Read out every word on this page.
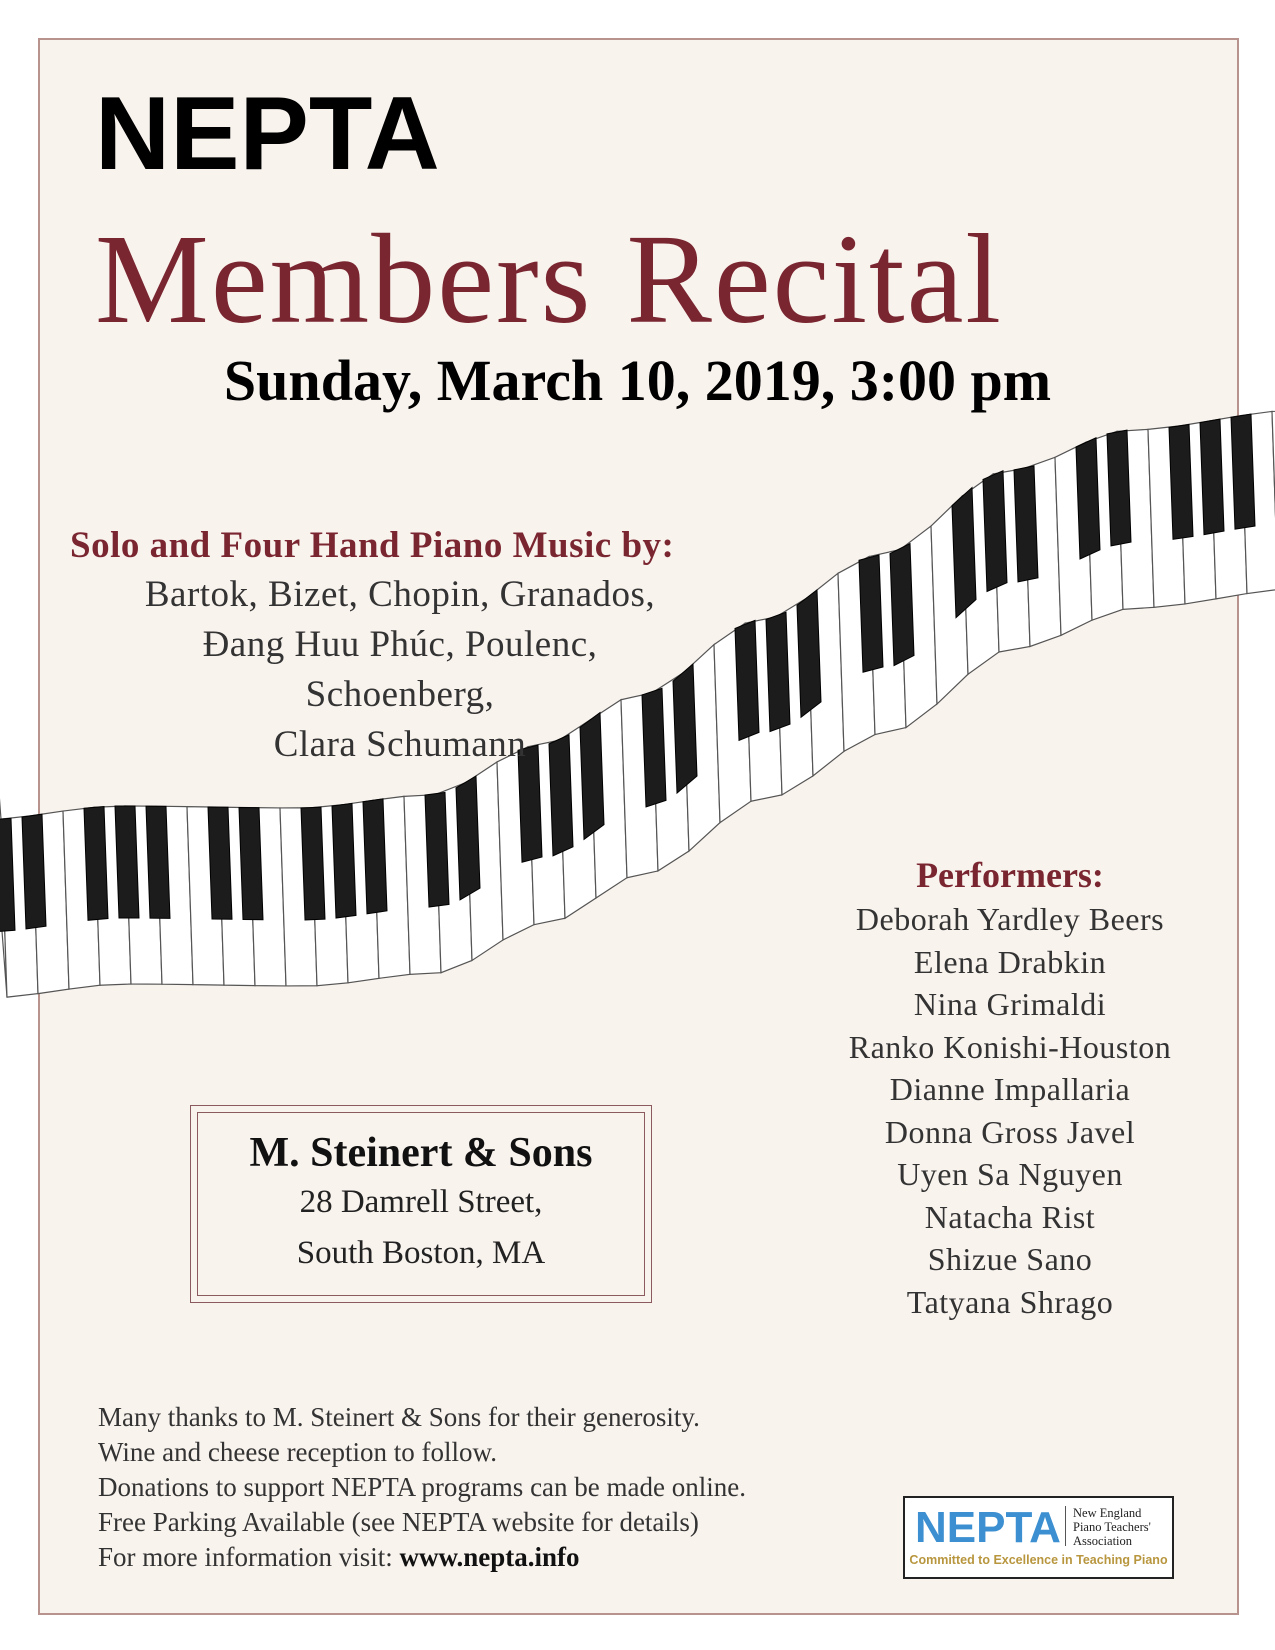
NEPTA
Members Recital
Sunday, March 10, 2019, 3:00 pm
Solo and Four Hand Piano Music by:
Bartok, Bizet, Chopin, Granados,
Đang Huu Phúc, Poulenc,
Schoenberg,
Clara Schumann
Performers:
Deborah Yardley Beers
Elena Drabkin
Nina Grimaldi
Ranko Konishi-Houston
Dianne Impallaria
Donna Gross Javel
Uyen Sa Nguyen
Natacha Rist
Shizue Sano
Tatyana Shrago
M. Steinert & Sons
28 Damrell Street,
South Boston, MA
Many thanks to M. Steinert & Sons for their generosity.
Wine and cheese reception to follow.
Donations to support NEPTA programs can be made online.
Free Parking Available (see NEPTA website for details)
For more information visit: www.nepta.info
NEPTA New England
Piano Teachers'
Association
Committed to Excellence in Teaching Piano
